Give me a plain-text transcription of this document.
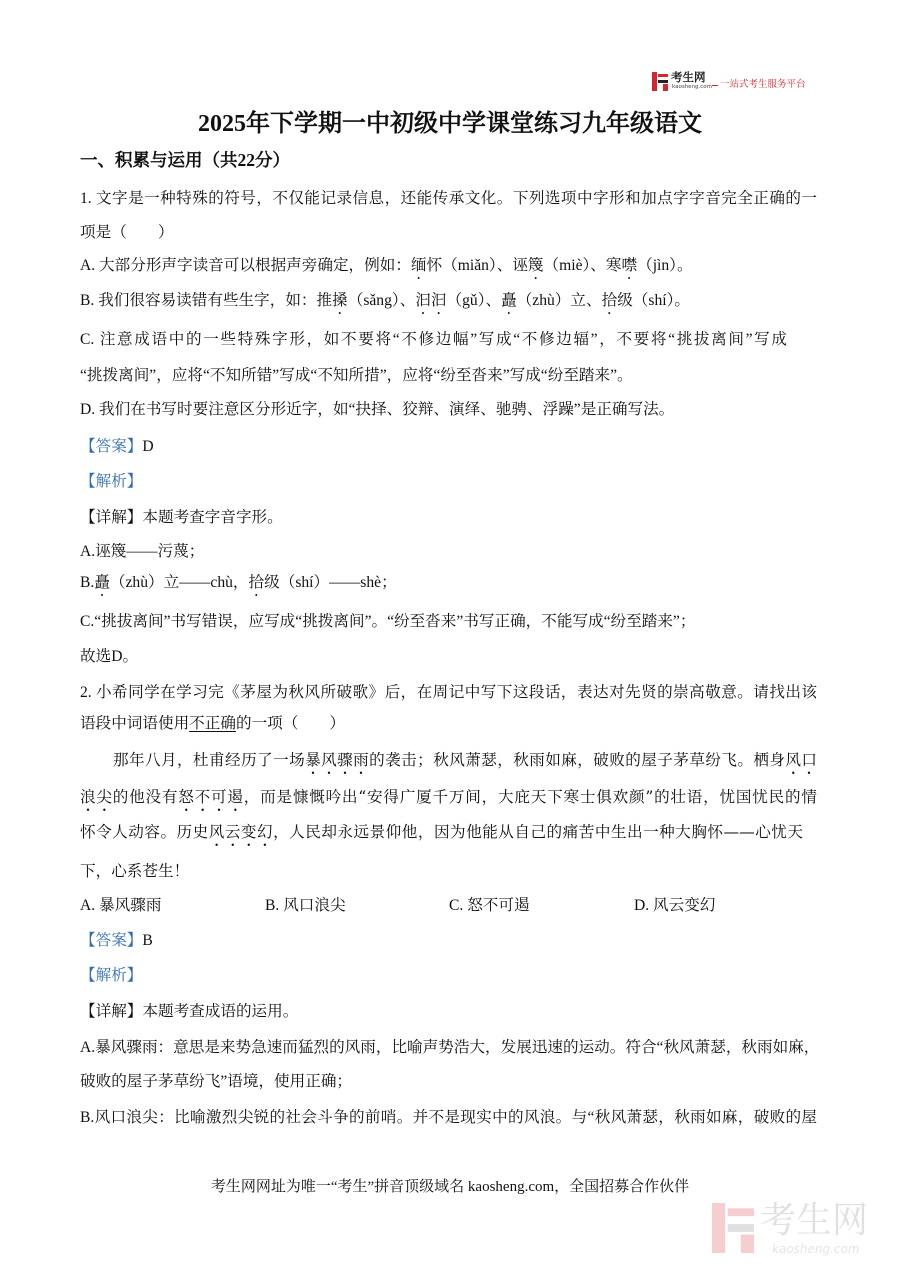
考生网
kaosheng.com 一站式考生服务平台
2025年下学期一中初级中学课堂练习九年级语文
一、积累与运用（共22分）
1. 文字是一种特殊的符号，不仅能记录信息，还能传承文化。下列选项中字形和加点字字音完全正确的一
项是（　　）
A. 大部分形声字读音可以根据声旁确定，例如：缅怀（miǎn）、诬篾（miè）、寒噤（jìn）。
B. 我们很容易读错有些生字，如：推搡（sǎng）、汩汩（gǔ）、矗（zhù）立、拾级（shí）。
C. 注意成语中的一些特殊字形，如不要将“不修边幅”写成“不修边辐”，不要将“挑拔离间”写成
“挑拨离间”，应将“不知所错”写成“不知所措”，应将“纷至沓来”写成“纷至踏来”。
D. 我们在书写时要注意区分形近字，如“抉择、狡辩、演绎、驰骋、浮躁”是正确写法。
【答案】D
【解析】
【详解】本题考查字音字形。
A.诬篾——污蔑；
B.矗（zhù）立——chù，拾级（shí）——shè；
C.“挑拔离间”书写错误，应写成“挑拨离间”。“纷至沓来”书写正确，不能写成“纷至踏来”；
故选D。
2. 小希同学在学习完《茅屋为秋风所破歌》后，在周记中写下这段话，表达对先贤的崇高敬意。请找出该
语段中词语使用不正确的一项（　　）
那年八月，杜甫经历了一场暴风骤雨的袭击；秋风萧瑟，秋雨如麻，破败的屋子茅草纷飞。栖身风口
浪尖的他没有怒不可遏，而是慷慨吟出“安得广厦千万间，大庇天下寒士俱欢颜”的壮语，忧国忧民的情
怀令人动容。历史风云变幻，人民却永远景仰他，因为他能从自己的痛苦中生出一种大胸怀——心忧天
下，心系苍生！
A. 暴风骤雨	B. 风口浪尖	C. 怒不可遏	D. 风云变幻
【答案】B
【解析】
【详解】本题考查成语的运用。
A.暴风骤雨：意思是来势急速而猛烈的风雨，比喻声势浩大，发展迅速的运动。符合“秋风萧瑟，秋雨如麻，
破败的屋子茅草纷飞”语境，使用正确；
B.风口浪尖：比喻激烈尖锐的社会斗争的前哨。并不是现实中的风浪。与“秋风萧瑟，秋雨如麻，破败的屋
考生网网址为唯一“考生”拼音顶级域名 kaosheng.com，全国招募合作伙伴
考生网
kaosheng.com
